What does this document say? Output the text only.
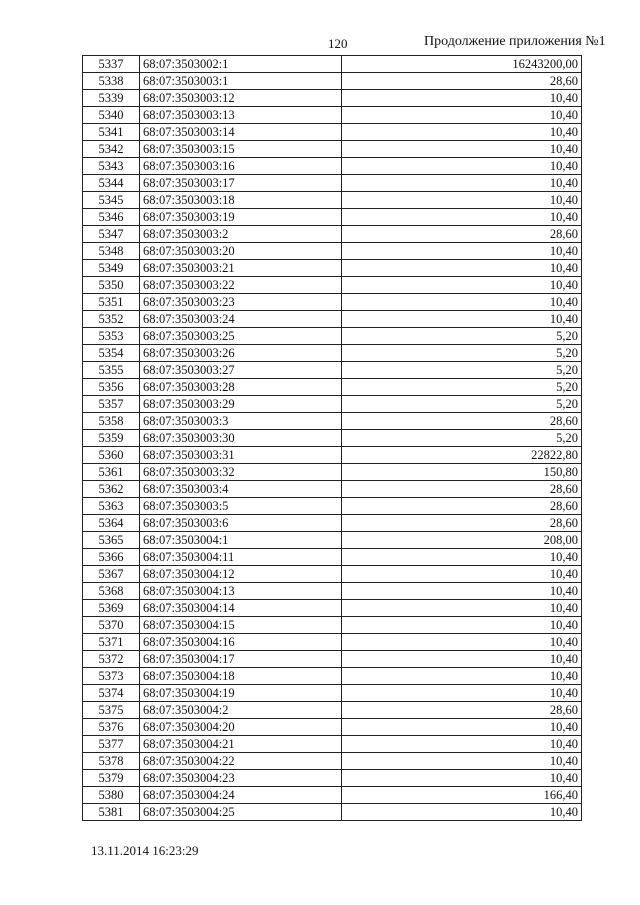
120	Продолжение приложения №1
5337	68:07:3503002:1	16243200,00
5338	68:07:3503003:1	28,60
5339	68:07:3503003:12	10,40
5340	68:07:3503003:13	10,40
5341	68:07:3503003:14	10,40
5342	68:07:3503003:15	10,40
5343	68:07:3503003:16	10,40
5344	68:07:3503003:17	10,40
5345	68:07:3503003:18	10,40
5346	68:07:3503003:19	10,40
5347	68:07:3503003:2	28,60
5348	68:07:3503003:20	10,40
5349	68:07:3503003:21	10,40
5350	68:07:3503003:22	10,40
5351	68:07:3503003:23	10,40
5352	68:07:3503003:24	10,40
5353	68:07:3503003:25	5,20
5354	68:07:3503003:26	5,20
5355	68:07:3503003:27	5,20
5356	68:07:3503003:28	5,20
5357	68:07:3503003:29	5,20
5358	68:07:3503003:3	28,60
5359	68:07:3503003:30	5,20
5360	68:07:3503003:31	22822,80
5361	68:07:3503003:32	150,80
5362	68:07:3503003:4	28,60
5363	68:07:3503003:5	28,60
5364	68:07:3503003:6	28,60
5365	68:07:3503004:1	208,00
5366	68:07:3503004:11	10,40
5367	68:07:3503004:12	10,40
5368	68:07:3503004:13	10,40
5369	68:07:3503004:14	10,40
5370	68:07:3503004:15	10,40
5371	68:07:3503004:16	10,40
5372	68:07:3503004:17	10,40
5373	68:07:3503004:18	10,40
5374	68:07:3503004:19	10,40
5375	68:07:3503004:2	28,60
5376	68:07:3503004:20	10,40
5377	68:07:3503004:21	10,40
5378	68:07:3503004:22	10,40
5379	68:07:3503004:23	10,40
5380	68:07:3503004:24	166,40
5381	68:07:3503004:25	10,40
13.11.2014 16:23:29
